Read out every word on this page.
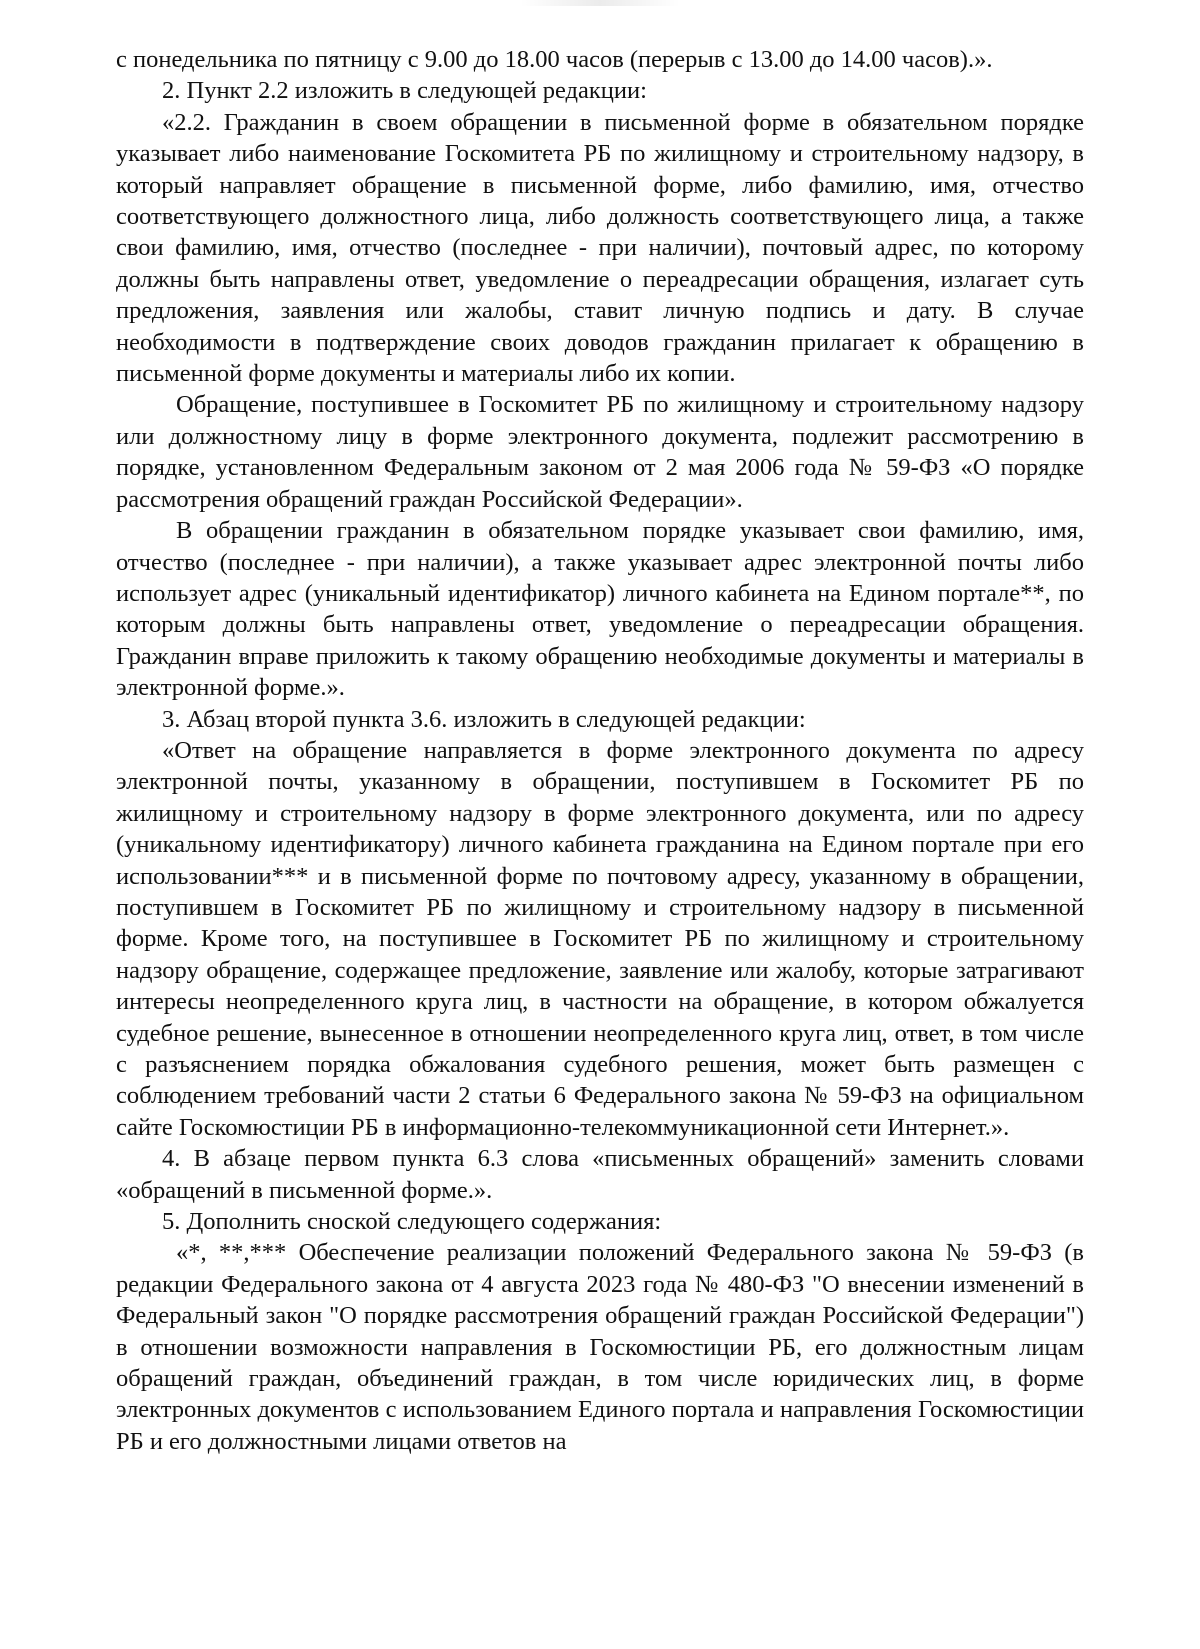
с понедельника по пятницу с 9.00 до 18.00 часов (перерыв с 13.00 до 14.00 часов).».

2. Пункт 2.2 изложить в следующей редакции:

«2.2. Гражданин в своем обращении в письменной форме в обязательном порядке указывает либо наименование Госкомитета РБ по жилищному и строительному надзору, в который направляет обращение в письменной форме, либо фамилию, имя, отчество соответствующего должностного лица, либо должность соответствующего лица, а также свои фамилию, имя, отчество (последнее - при наличии), почтовый адрес, по которому должны быть направлены ответ, уведомление о переадресации обращения, излагает суть предложения, заявления или жалобы, ставит личную подпись и дату. В случае необходимости в подтверждение своих доводов гражданин прилагает к обращению в письменной форме документы и материалы либо их копии.

Обращение, поступившее в Госкомитет РБ по жилищному и строительному надзору или должностному лицу в форме электронного документа, подлежит рассмотрению в порядке, установленном Федеральным законом от 2 мая 2006 года № 59-ФЗ «О порядке рассмотрения обращений граждан Российской Федерации».

В обращении гражданин в обязательном порядке указывает свои фамилию, имя, отчество (последнее - при наличии), а также указывает адрес электронной почты либо использует адрес (уникальный идентификатор) личного кабинета на Едином портале**, по которым должны быть направлены ответ, уведомление о переадресации обращения. Гражданин вправе приложить к такому обращению необходимые документы и материалы в электронной форме.».

3. Абзац второй пункта 3.6. изложить в следующей редакции:

«Ответ на обращение направляется в форме электронного документа по адресу электронной почты, указанному в обращении, поступившем в Госкомитет РБ по жилищному и строительному надзору в форме электронного документа, или по адресу (уникальному идентификатору) личного кабинета гражданина на Едином портале при его использовании*** и в письменной форме по почтовому адресу, указанному в обращении, поступившем в Госкомитет РБ по жилищному и строительному надзору в письменной форме. Кроме того, на поступившее в Госкомитет РБ по жилищному и строительному надзору обращение, содержащее предложение, заявление или жалобу, которые затрагивают интересы неопределенного круга лиц, в частности на обращение, в котором обжалуется судебное решение, вынесенное в отношении неопределенного круга лиц, ответ, в том числе с разъяснением порядка обжалования судебного решения, может быть размещен с соблюдением требований части 2 статьи 6 Федерального закона № 59-ФЗ на официальном сайте Госкомюстиции РБ в информационно-телекоммуникационной сети Интернет.».

4. В абзаце первом пункта 6.3 слова «письменных обращений» заменить словами «обращений в письменной форме.».

5. Дополнить сноской следующего содержания:

«*, **,*** Обеспечение реализации положений Федерального закона № 59-ФЗ (в редакции Федерального закона от 4 августа 2023 года № 480-ФЗ "О внесении изменений в Федеральный закон "О порядке рассмотрения обращений граждан Российской Федерации") в отношении возможности направления в Госкомюстиции РБ, его должностным лицам обращений граждан, объединений граждан, в том числе юридических лиц, в форме электронных документов с использованием Единого портала и направления Госкомюстиции РБ и его должностными лицами ответов на
